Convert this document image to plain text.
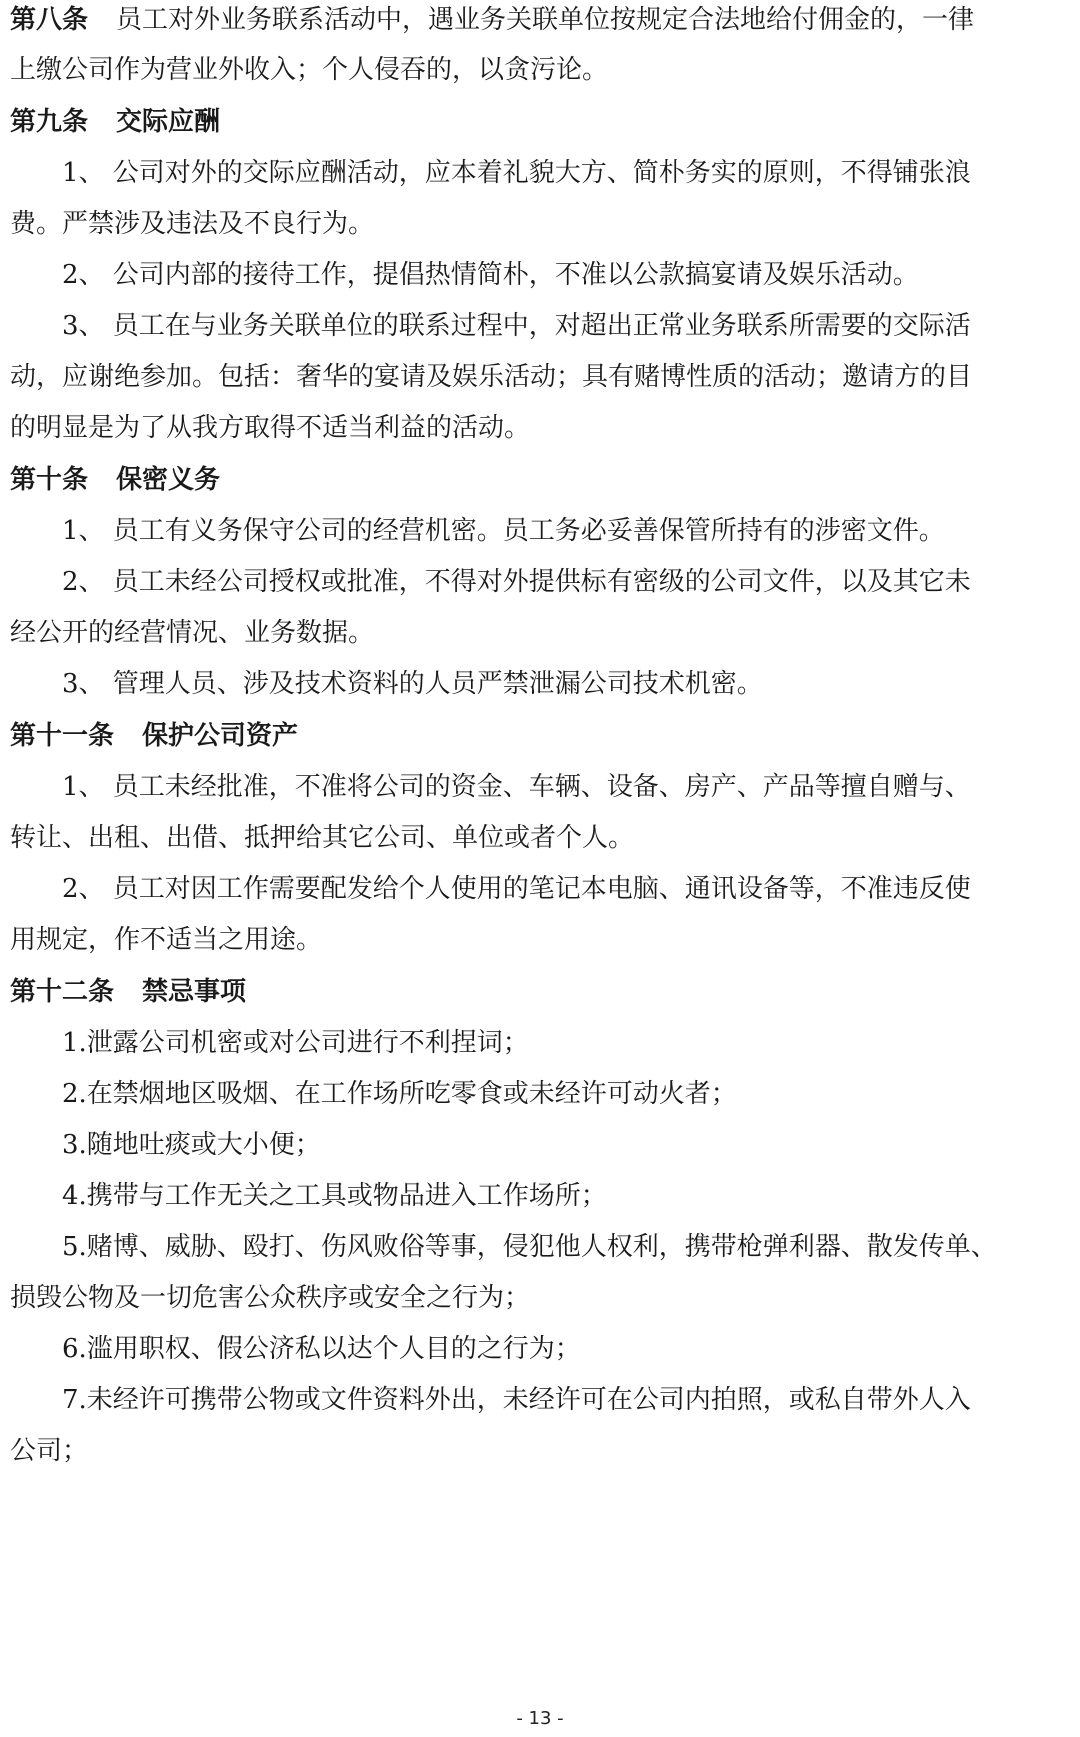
第八条 员工对外业务联系活动中，遇业务关联单位按规定合法地给付佣金的，一律
上缴公司作为营业外收入；个人侵吞的，以贪污论。
第九条 交际应酬
1、 公司对外的交际应酬活动，应本着礼貌大方、简朴务实的原则，不得铺张浪
费。严禁涉及违法及不良行为。
2、 公司内部的接待工作，提倡热情简朴，不准以公款搞宴请及娱乐活动。
3、 员工在与业务关联单位的联系过程中，对超出正常业务联系所需要的交际活
动，应谢绝参加。包括：奢华的宴请及娱乐活动；具有赌博性质的活动；邀请方的目
的明显是为了从我方取得不适当利益的活动。
第十条 保密义务
1、 员工有义务保守公司的经营机密。员工务必妥善保管所持有的涉密文件。
2、 员工未经公司授权或批准，不得对外提供标有密级的公司文件，以及其它未
经公开的经营情况、业务数据。
3、 管理人员、涉及技术资料的人员严禁泄漏公司技术机密。
第十一条 保护公司资产
1、 员工未经批准，不准将公司的资金、车辆、设备、房产、产品等擅自赠与、
转让、出租、出借、抵押给其它公司、单位或者个人。
2、 员工对因工作需要配发给个人使用的笔记本电脑、通讯设备等，不准违反使
用规定，作不适当之用途。
第十二条 禁忌事项
1.泄露公司机密或对公司进行不利捏词；
2.在禁烟地区吸烟、在工作场所吃零食或未经许可动火者；
3.随地吐痰或大小便；
4.携带与工作无关之工具或物品进入工作场所；
5.赌博、威胁、殴打、伤风败俗等事，侵犯他人权利，携带枪弹利器、散发传单、
损毁公物及一切危害公众秩序或安全之行为；
6.滥用职权、假公济私以达个人目的之行为；
7.未经许可携带公物或文件资料外出，未经许可在公司内拍照，或私自带外人入
公司；
- 13 -
